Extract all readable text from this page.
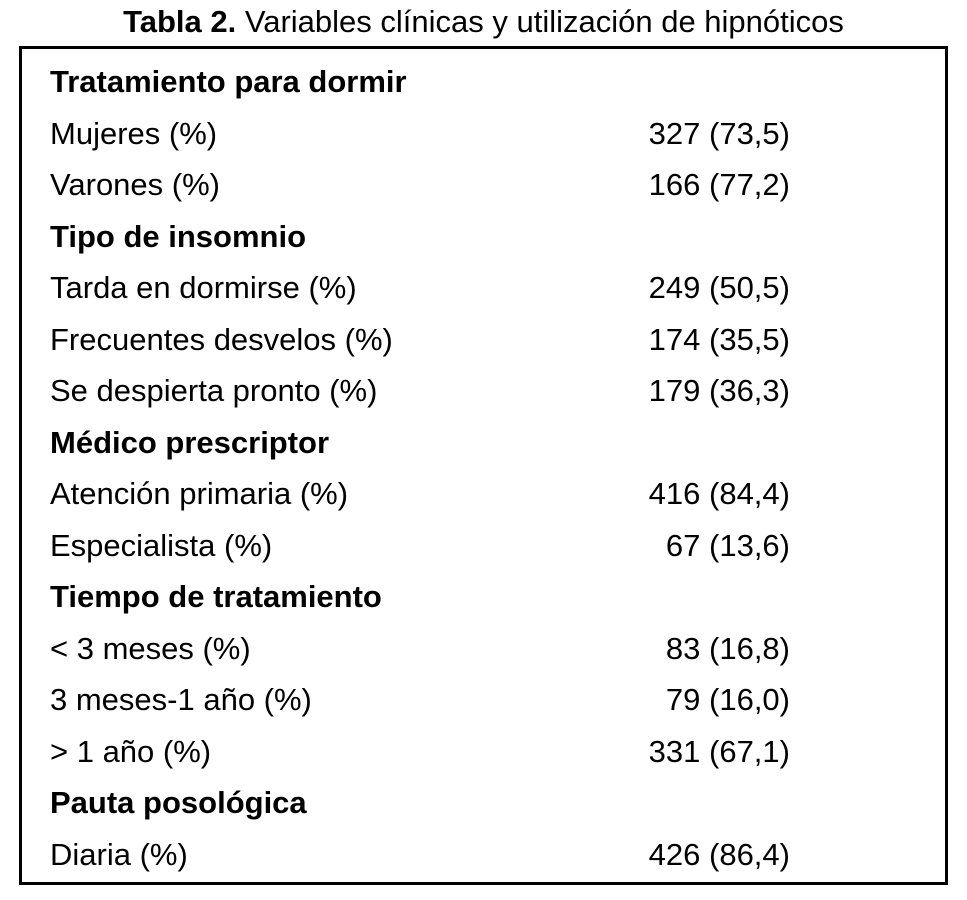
Tabla 2. Variables clínicas y utilización de hipnóticos
Tratamiento para dormir
Mujeres (%)	327 (73,5)
Varones (%)	166 (77,2)
Tipo de insomnio
Tarda en dormirse (%)	249 (50,5)
Frecuentes desvelos (%)	174 (35,5)
Se despierta pronto (%)	179 (36,3)
Médico prescriptor
Atención primaria (%)	416 (84,4)
Especialista (%)	67 (13,6)
Tiempo de tratamiento
< 3 meses (%)	83 (16,8)
3 meses-1 año (%)	79 (16,0)
> 1 año (%)	331 (67,1)
Pauta posológica
Diaria (%)	426 (86,4)
